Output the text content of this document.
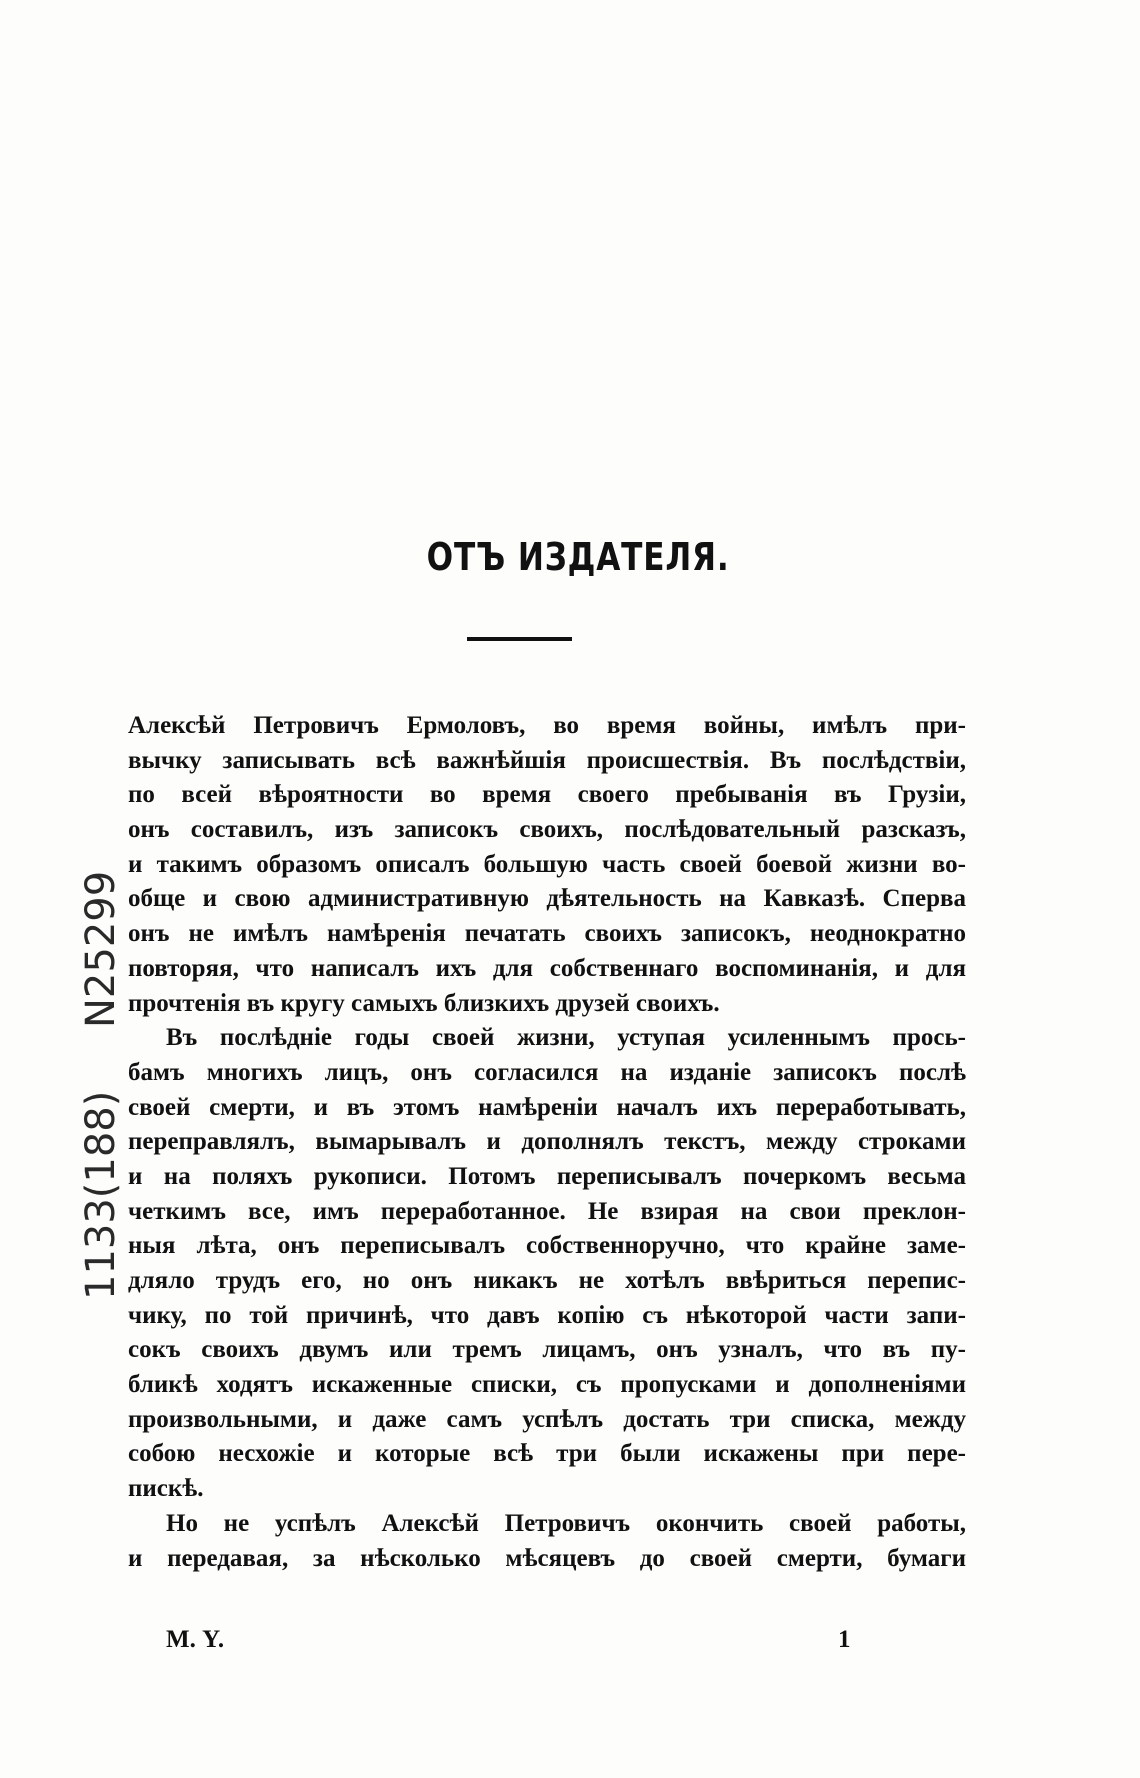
ОТЪ ИЗДАТЕЛЯ.
Алексѣй Петровичъ Ермоловъ, во время войны, имѣлъ при-
вычку записывать всѣ важнѣйшія происшествія. Въ послѣдствіи,
по всей вѣроятности во время своего пребыванія въ Грузіи,
онъ составилъ, изъ записокъ своихъ, послѣдовательный разсказъ,
и такимъ образомъ описалъ большую часть своей боевой жизни во-
обще и свою административную дѣятельность на Кавказѣ. Сперва
онъ не имѣлъ намѣренія печатать своихъ записокъ, неоднократно
повторяя, что написалъ ихъ для собственнаго воспоминанія, и для
прочтенія въ кругу самыхъ близкихъ друзей своихъ.
Въ послѣдніе годы своей жизни, уступая усиленнымъ прось-
бамъ многихъ лицъ, онъ согласился на изданіе записокъ послѣ
своей смерти, и въ этомъ намѣреніи началъ ихъ переработывать,
переправлялъ, вымарывалъ и дополнялъ текстъ, между строками
и на поляхъ рукописи. Потомъ переписывалъ почеркомъ весьма
четкимъ все, имъ переработанное. Не взирая на свои преклон-
ныя лѣта, онъ переписывалъ собственноручно, что крайне заме-
дляло трудъ его, но онъ никакъ не хотѣлъ ввѣриться перепис-
чику, по той причинѣ, что давъ копію съ нѣкоторой части запи-
сокъ своихъ двумъ или тремъ лицамъ, онъ узналъ, что въ пу-
бликѣ ходятъ искаженные списки, съ пропусками и дополненіями
произвольными, и даже самъ успѣлъ достать три списка, между
собою несхожіе и которые всѣ три были искажены при пере-
пискѣ.
Но не успѣлъ Алексѣй Петровичъ окончить своей работы,
и передавая, за нѣсколько мѣсяцевъ до своей смерти, бумаги
М. Y.	1
N25299
1133(188)
